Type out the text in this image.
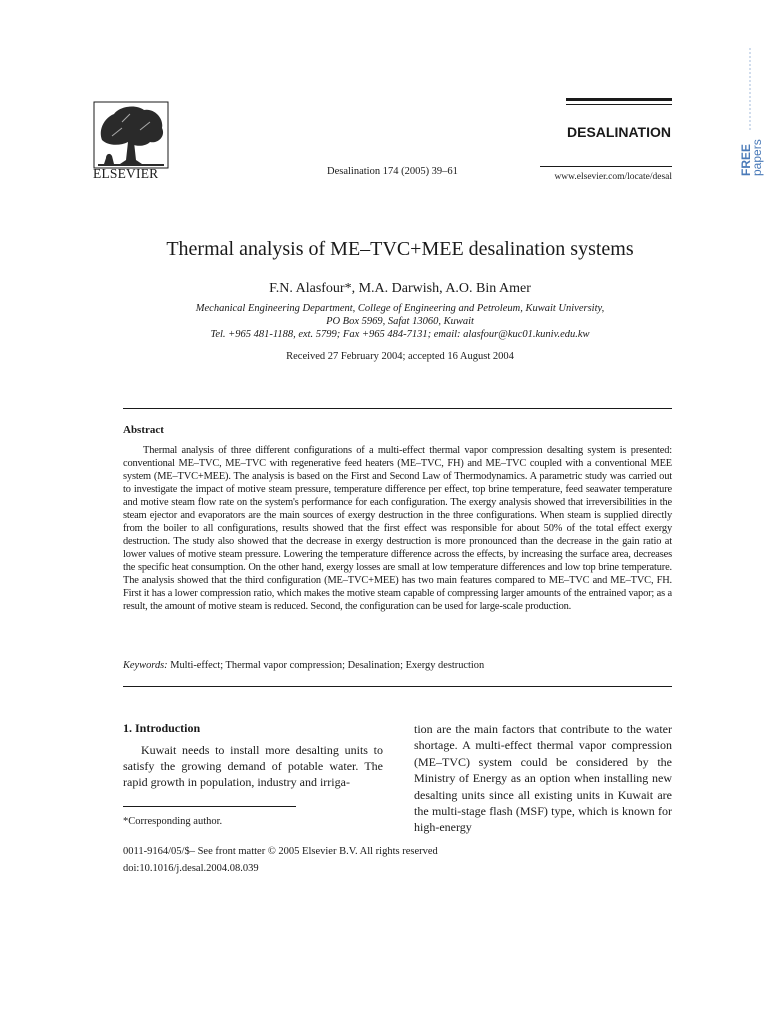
ELSEVIER	Desalination 174 (2005) 39–61
DESALINATION
www.elsevier.com/locate/desal
FREE
papers
Thermal analysis of ME–TVC+MEE desalination systems
F.N. Alasfour*, M.A. Darwish, A.O. Bin Amer
Mechanical Engineering Department, College of Engineering and Petroleum, Kuwait University,
PO Box 5969, Safat 13060, Kuwait
Tel. +965 481-1188, ext. 5799; Fax +965 484-7131; email: alasfour@kuc01.kuniv.edu.kw
Received 27 February 2004; accepted 16 August 2004
Abstract
Thermal analysis of three different configurations of a multi-effect thermal vapor compression desalting system is presented: conventional ME–TVC, ME–TVC with regenerative feed heaters (ME–TVC, FH) and ME–TVC coupled with a conventional MEE system (ME–TVC+MEE). The analysis is based on the First and Second Law of Thermodynamics. A parametric study was carried out to investigate the impact of motive steam pressure, temperature difference per effect, top brine temperature, feed seawater temperature and motive steam flow rate on the system's performance for each configuration. The exergy analysis showed that irreversibilities in the steam ejector and evaporators are the main sources of exergy destruction in the three configurations. When steam is supplied directly from the boiler to all configurations, results showed that the first effect was responsible for about 50% of the total effect exergy destruction. The study also showed that the decrease in exergy destruction is more pronounced than the decrease in the gain ratio at lower values of motive steam pressure. Lowering the temperature difference across the effects, by increasing the surface area, decreases the specific heat consumption. On the other hand, exergy losses are small at low temperature differences and low top brine temperature. The analysis showed that the third configuration (ME–TVC+MEE) has two main features compared to ME–TVC and ME–TVC, FH. First it has a lower compression ratio, which makes the motive steam capable of compressing larger amounts of the entrained vapor; as a result, the amount of motive steam is reduced. Second, the configuration can be used for large-scale production.
Keywords: Multi-effect; Thermal vapor compression; Desalination; Exergy destruction
1. Introduction
Kuwait needs to install more desalting units to satisfy the growing demand of potable water. The rapid growth in population, industry and irriga-
tion are the main factors that contribute to the water shortage. A multi-effect thermal vapor compression (ME–TVC) system could be considered by the Ministry of Energy as an option when installing new desalting units since all existing units in Kuwait are the multi-stage flash (MSF) type, which is known for high-energy
*Corresponding author.
0011-9164/05/$– See front matter © 2005 Elsevier B.V. All rights reserved
doi:10.1016/j.desal.2004.08.039
